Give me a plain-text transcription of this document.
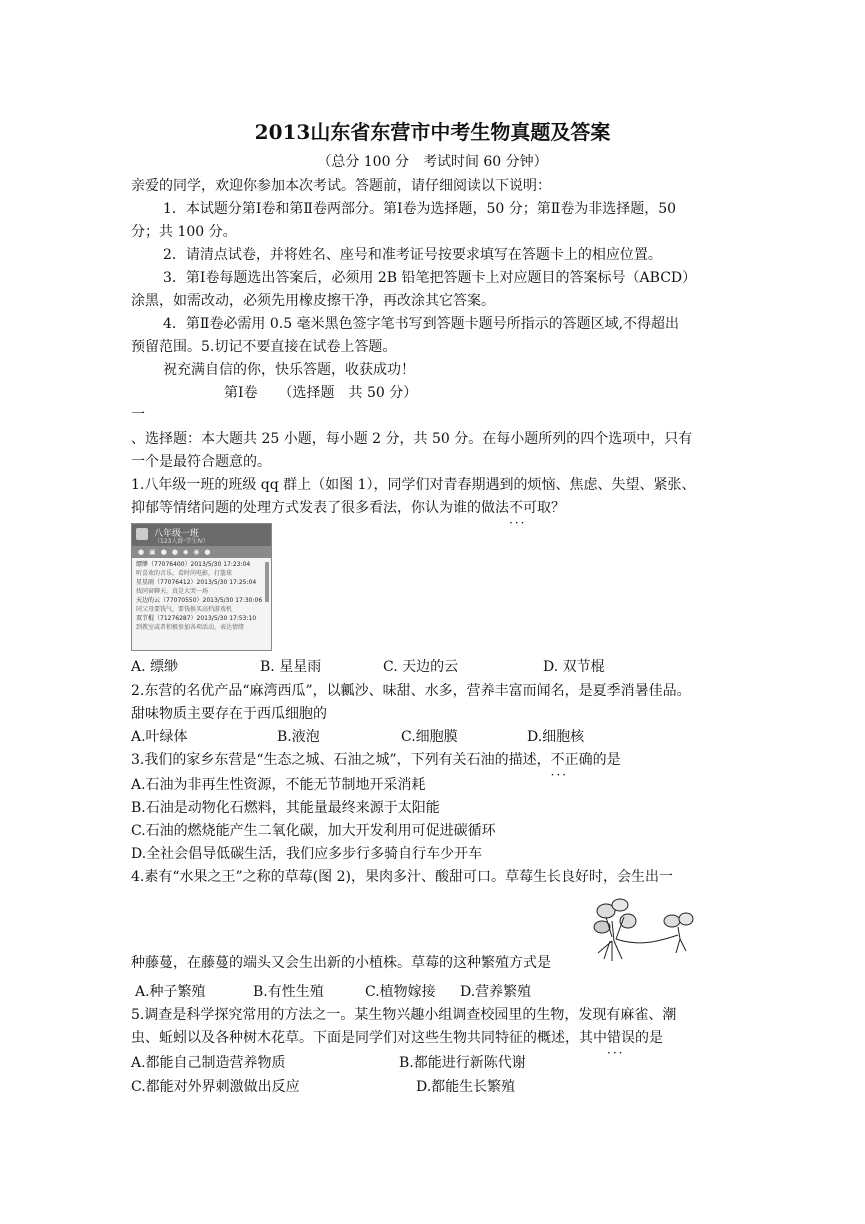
2013山东省东营市中考生物真题及答案
（总分 100 分　考试时间 60 分钟）
亲爱的同学，欢迎你参加本次考试。答题前，请仔细阅读以下说明：
1．本试题分第Ⅰ卷和第Ⅱ卷两部分。第Ⅰ卷为选择题，50 分；第Ⅱ卷为非选择题，50
分；共 100 分。
2．请清点试卷，并将姓名、座号和准考证号按要求填写在答题卡上的相应位置。
3．第Ⅰ卷每题选出答案后，必须用 2B 铅笔把答题卡上对应题目的答案标号（ABCD）
涂黑，如需改动，必须先用橡皮擦干净，再改涂其它答案。
4．第Ⅱ卷必需用 0.5 毫米黑色签字笔书写到答题卡题号所指示的答题区域,不得超出
预留范围。5.切记不要直接在试卷上答题。
祝充满自信的你，快乐答题，收获成功！
第Ⅰ卷　　（选择题　共 50 分）
一
、选择题：本大题共 25 小题，每小题 2 分，共 50 分。在每小题所列的四个选项中，只有
一个是最符合题意的。
1.八年级一班的班级 qq 群上（如图 1），同学们对青春期遇到的烦恼、焦虑、失望、紧张、
抑郁等情绪问题的处理方式发表了很多看法，你认为谁的做法不可取 ···？
八年级一班
（123人群·学生Ⅳ）
●▣●●◆◉●
缥缈（77076400）2013/5/30 17:23:04
听喜欢的音乐，看时尚电影，打篮球
星星雨（77076412）2013/5/30 17:25:04
找同窗聊天，真是大哭一场
天边的云（77070550）2013/5/30 17:30:06
同父母要钱气，要钱换买高档游戏机
双节棍（71276287）2013/5/30 17:53:10
到教室或者积极参加各项活动，表达情绪
A. 缥缈	B. 星星雨	C. 天边的云	D. 双节棍
2.东营的名优产品“麻湾西瓜”，以瓤沙、味甜、水多，营养丰富而闻名，是夏季消暑佳品。
甜味物质主要存在于西瓜细胞的
A.叶绿体	B.液泡	C.细胞膜	D.细胞核
3.我们的家乡东营是“生态之城、石油之城”，下列有关石油的描述，不正确 ···的是
A.石油为非再生性资源，不能无节制地开采消耗
B.石油是动物化石燃料，其能量最终来源于太阳能
C.石油的燃烧能产生二氧化碳，加大开发利用可促进碳循环
D.全社会倡导低碳生活，我们应多步行多骑自行车少开车
4.素有“水果之王”之称的草莓(图 2)，果肉多汁、酸甜可口。草莓生长良好时，会生出一
种藤蔓，在藤蔓的端头又会生出新的小植株。草莓的这种繁殖方式是
A.种子繁殖	B.有性生殖	C.植物嫁接 D.营养繁殖
5.调查是科学探究常用的方法之一。某生物兴趣小组调查校园里的生物，发现有麻雀、潮
虫、蚯蚓以及各种树木花草。下面是同学们对这些生物共同特征的概述，其中错误 ···的是
A.都能自己制造营养物质	B.都能进行新陈代谢
C.都能对外界刺激做出反应	D.都能生长繁殖
